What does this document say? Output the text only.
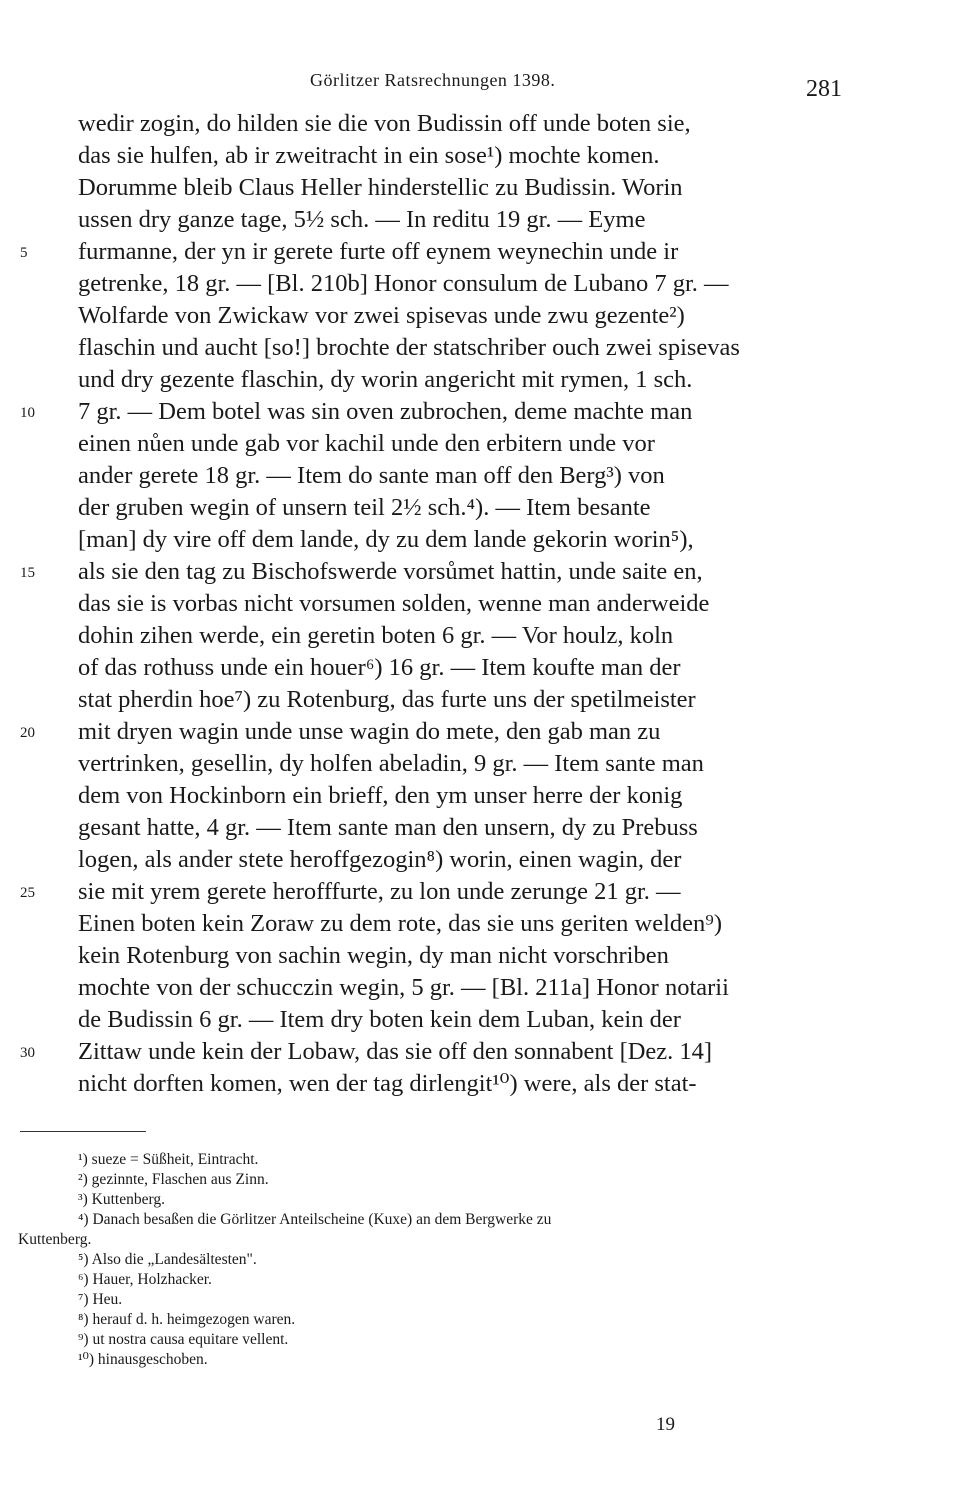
Görlitzer Ratsrechnungen 1398.	281
wedir zogin, do hilden sie die von Budissin off unde boten sie,
das sie hulfen, ab ir zweitracht in ein sose¹) mochte komen.
Dorumme bleib Claus Heller hinderstellic zu Budissin. Worin
ussen dry ganze tage, 5½ sch. — In reditu 19 gr. — Eyme
5	furmanne, der yn ir gerete furte off eynem weynechin unde ir
getrenke, 18 gr. — [Bl. 210b] Honor consulum de Lubano 7 gr. —
Wolfarde von Zwickaw vor zwei spisevas unde zwu gezente²)
flaschin und aucht [so!] brochte der statschriber ouch zwei spisevas
und dry gezente flaschin, dy worin angericht mit rymen, 1 sch.
10	7 gr. — Dem botel was sin oven zubrochen, deme machte man
einen nůen unde gab vor kachil unde den erbitern unde vor
ander gerete 18 gr. — Item do sante man off den Berg³) von
der gruben wegin of unsern teil 2½ sch.⁴). — Item besante
[man] dy vire off dem lande, dy zu dem lande gekorin worin⁵),
15	als sie den tag zu Bischofswerde vorsůmet hattin, unde saite en,
das sie is vorbas nicht vorsumen solden, wenne man anderweide
dohin zihen werde, ein geretin boten 6 gr. — Vor houlz, koln
of das rothuss unde ein houer⁶) 16 gr. — Item koufte man der
stat pherdin hoe⁷) zu Rotenburg, das furte uns der spetilmeister
20	mit dryen wagin unde unse wagin do mete, den gab man zu
vertrinken, gesellin, dy holfen abeladin, 9 gr. — Item sante man
dem von Hockinborn ein brieff, den ym unser herre der konig
gesant hatte, 4 gr. — Item sante man den unsern, dy zu Prebuss
logen, als ander stete heroffgezogin⁸) worin, einen wagin, der
25	sie mit yrem gerete herofffurte, zu lon unde zerunge 21 gr. —
Einen boten kein Zoraw zu dem rote, das sie uns geriten welden⁹)
kein Rotenburg von sachin wegin, dy man nicht vorschriben
mochte von der schucczin wegin, 5 gr. — [Bl. 211a] Honor notarii
de Budissin 6 gr. — Item dry boten kein dem Luban, kein der
30	Zittaw unde kein der Lobaw, das sie off den sonnabent [Dez. 14]
nicht dorften komen, wen der tag dirlengit¹⁰) were, als der stat-
¹) sueze = Süßheit, Eintracht.
²) gezinnte, Flaschen aus Zinn.
³) Kuttenberg.
⁴) Danach besaßen die Görlitzer Anteilscheine (Kuxe) an dem Bergwerke zu
Kuttenberg.
⁵) Also die „Landesältesten".
⁶) Hauer, Holzhacker.
⁷) Heu.
⁸) herauf d. h. heimgezogen waren.
⁹) ut nostra causa equitare vellent.
¹⁰) hinausgeschoben.
19
